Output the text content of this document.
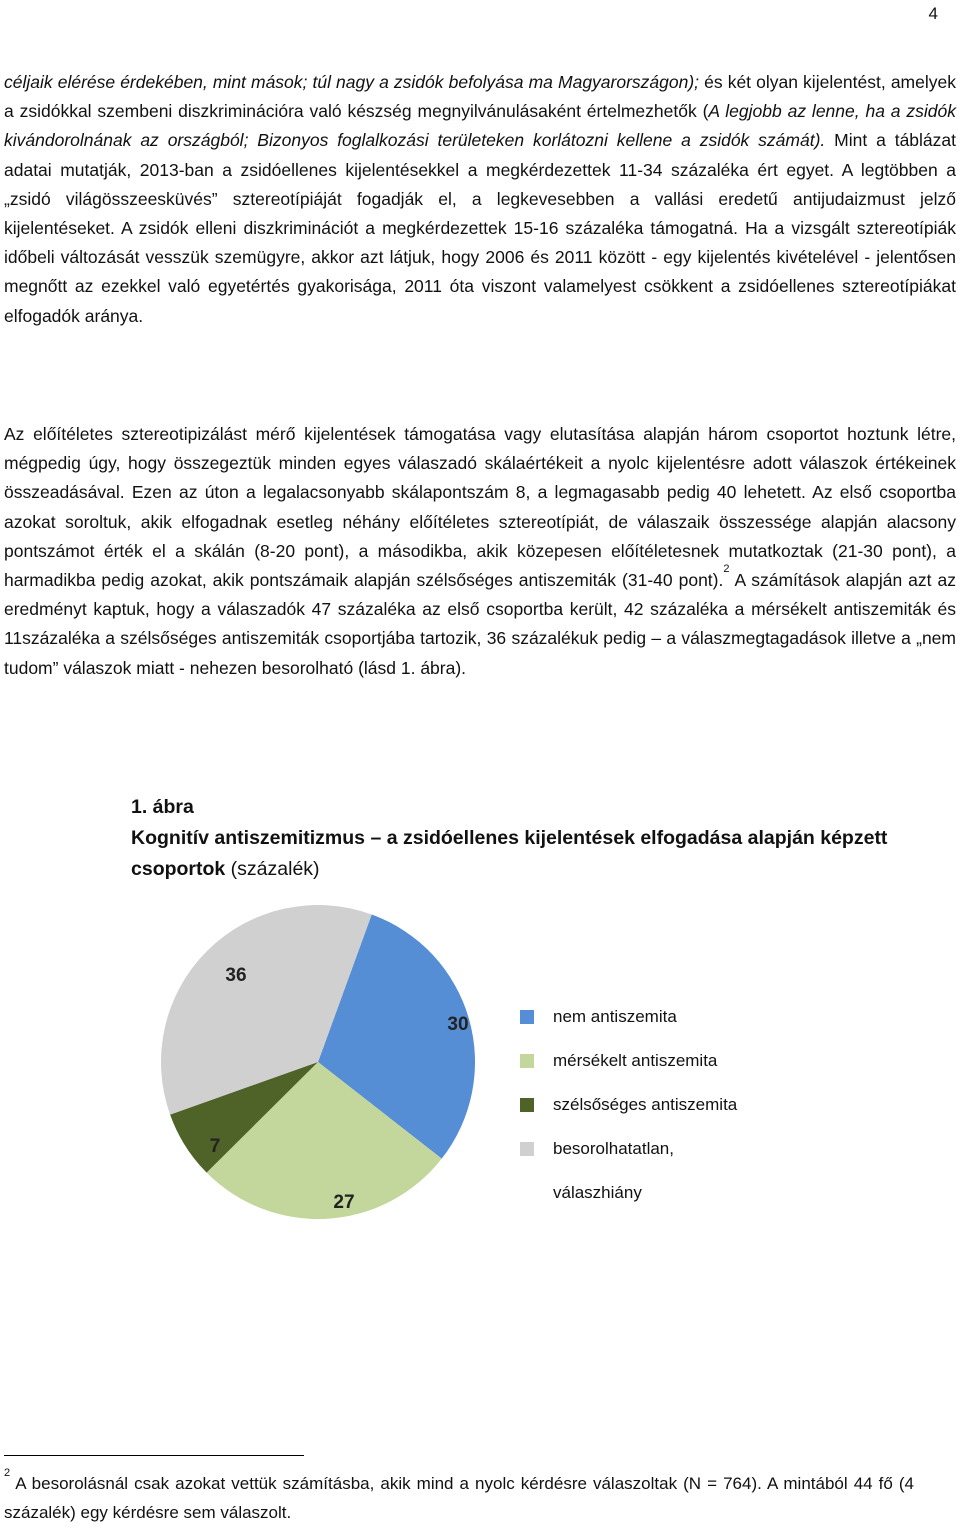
4
céljaik elérése érdekében, mint mások; túl nagy a zsidók befolyása ma Magyarországon); és két olyan kijelentést, amelyek a zsidókkal szembeni diszkriminációra való készség megnyilvánulásaként értelmezhetők (A legjobb az lenne, ha a zsidók kivándorolnának az országból; Bizonyos foglalkozási területeken korlátozni kellene a zsidók számát). Mint a táblázat adatai mutatják, 2013-ban a zsidóellenes kijelentésekkel a megkérdezettek 11-34 százaléka ért egyet. A legtöbben a „zsidó világösszeesküvés” sztereotípiáját fogadják el, a legkevesebben a vallási eredetű antijudaizmust jelző kijelentéseket. A zsidók elleni diszkriminációt a megkérdezettek 15-16 százaléka támogatná. Ha a vizsgált sztereotípiák időbeli változását vesszük szemügyre, akkor azt látjuk, hogy 2006 és 2011 között - egy kijelentés kivételével - jelentősen megnőtt az ezekkel való egyetértés gyakorisága, 2011 óta viszont valamelyest csökkent a zsidóellenes sztereotípiákat elfogadók aránya.
Az előítéletes sztereotipizálást mérő kijelentések támogatása vagy elutasítása alapján három csoportot hoztunk létre, mégpedig úgy, hogy összegeztük minden egyes válaszadó skálaértékeit a nyolc kijelentésre adott válaszok értékeinek összeadásával. Ezen az úton a legalacsonyabb skálapontszám 8, a legmagasabb pedig 40 lehetett. Az első csoportba azokat soroltuk, akik elfogadnak esetleg néhány előítéletes sztereotípiát, de válaszaik összessége alapján alacsony pontszámot érték el a skálán (8-20 pont), a másodikba, akik közepesen előítéletesnek mutatkoztak (21-30 pont), a harmadikba pedig azokat, akik pontszámaik alapján szélsőséges antiszemiták (31-40 pont).$^2$ A számítások alapján azt az eredményt kaptuk, hogy a válaszadók 47 százaléka az első csoportba került, 42 százaléka a mérsékelt antiszemiták és 11százaléka a szélsőséges antiszemiták csoportjába tartozik, 36 százalékuk pedig – a válaszmegtagadások illetve a „nem tudom” válaszok miatt - nehezen besorolható (lásd 1. ábra).
1. ábra
Kognitív antiszemitizmus – a zsidóellenes kijelentések elfogadása alapján képzett csoportok (százalék)
30
27
7
36
nem antiszemita
mérsékelt antiszemita
szélsőséges antiszemita
besorolhatatlan,
válaszhiány
$^2$ A besorolásnál csak azokat vettük számításba, akik mind a nyolc kérdésre válaszoltak (N = 764). A mintából 44 fő (4 százalék) egy kérdésre sem válaszolt.
